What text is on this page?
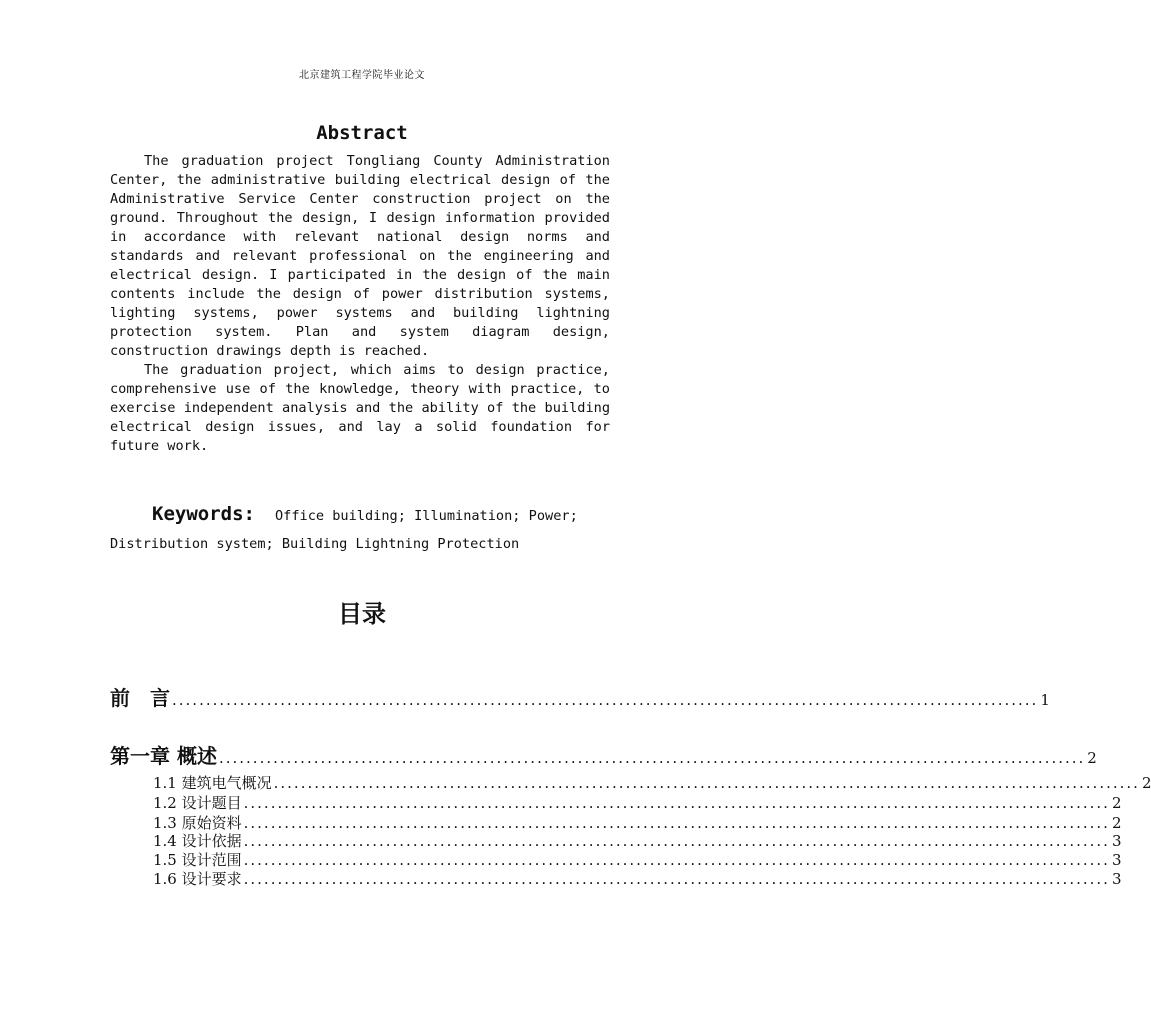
北京建筑工程学院毕业论文
Abstract

The graduation project Tongliang County Administration Center, the administrative building electrical design of the Administrative Service Center construction project on the ground. Throughout the design, I design information provided in accordance with relevant national design norms and standards and relevant professional on the engineering and electrical design. I participated in the design of the main contents include the design of power distribution systems, lighting systems, power systems and building lightning protection system. Plan and system diagram design, construction drawings depth is reached.

The graduation project, which aims to design practice, comprehensive use of the knowledge, theory with practice, to exercise independent analysis and the ability of the building electrical design issues, and lay a solid foundation for future work.

Keywords: Office building; Illumination; Power; Distribution system; Building Lightning Protection
目录
前　言 ................................................................................................................................ 1
第一章 概述 ................................................................................................................................ 2
1.1 建筑电气概况 ................................................................................................................................ 2
1.2 设计题目 ................................................................................................................................ 2
1.3 原始资料 ................................................................................................................................ 2
1.4 设计依据 ................................................................................................................................ 3
1.5 设计范围 ................................................................................................................................ 3
1.6 设计要求 ................................................................................................................................ 3
